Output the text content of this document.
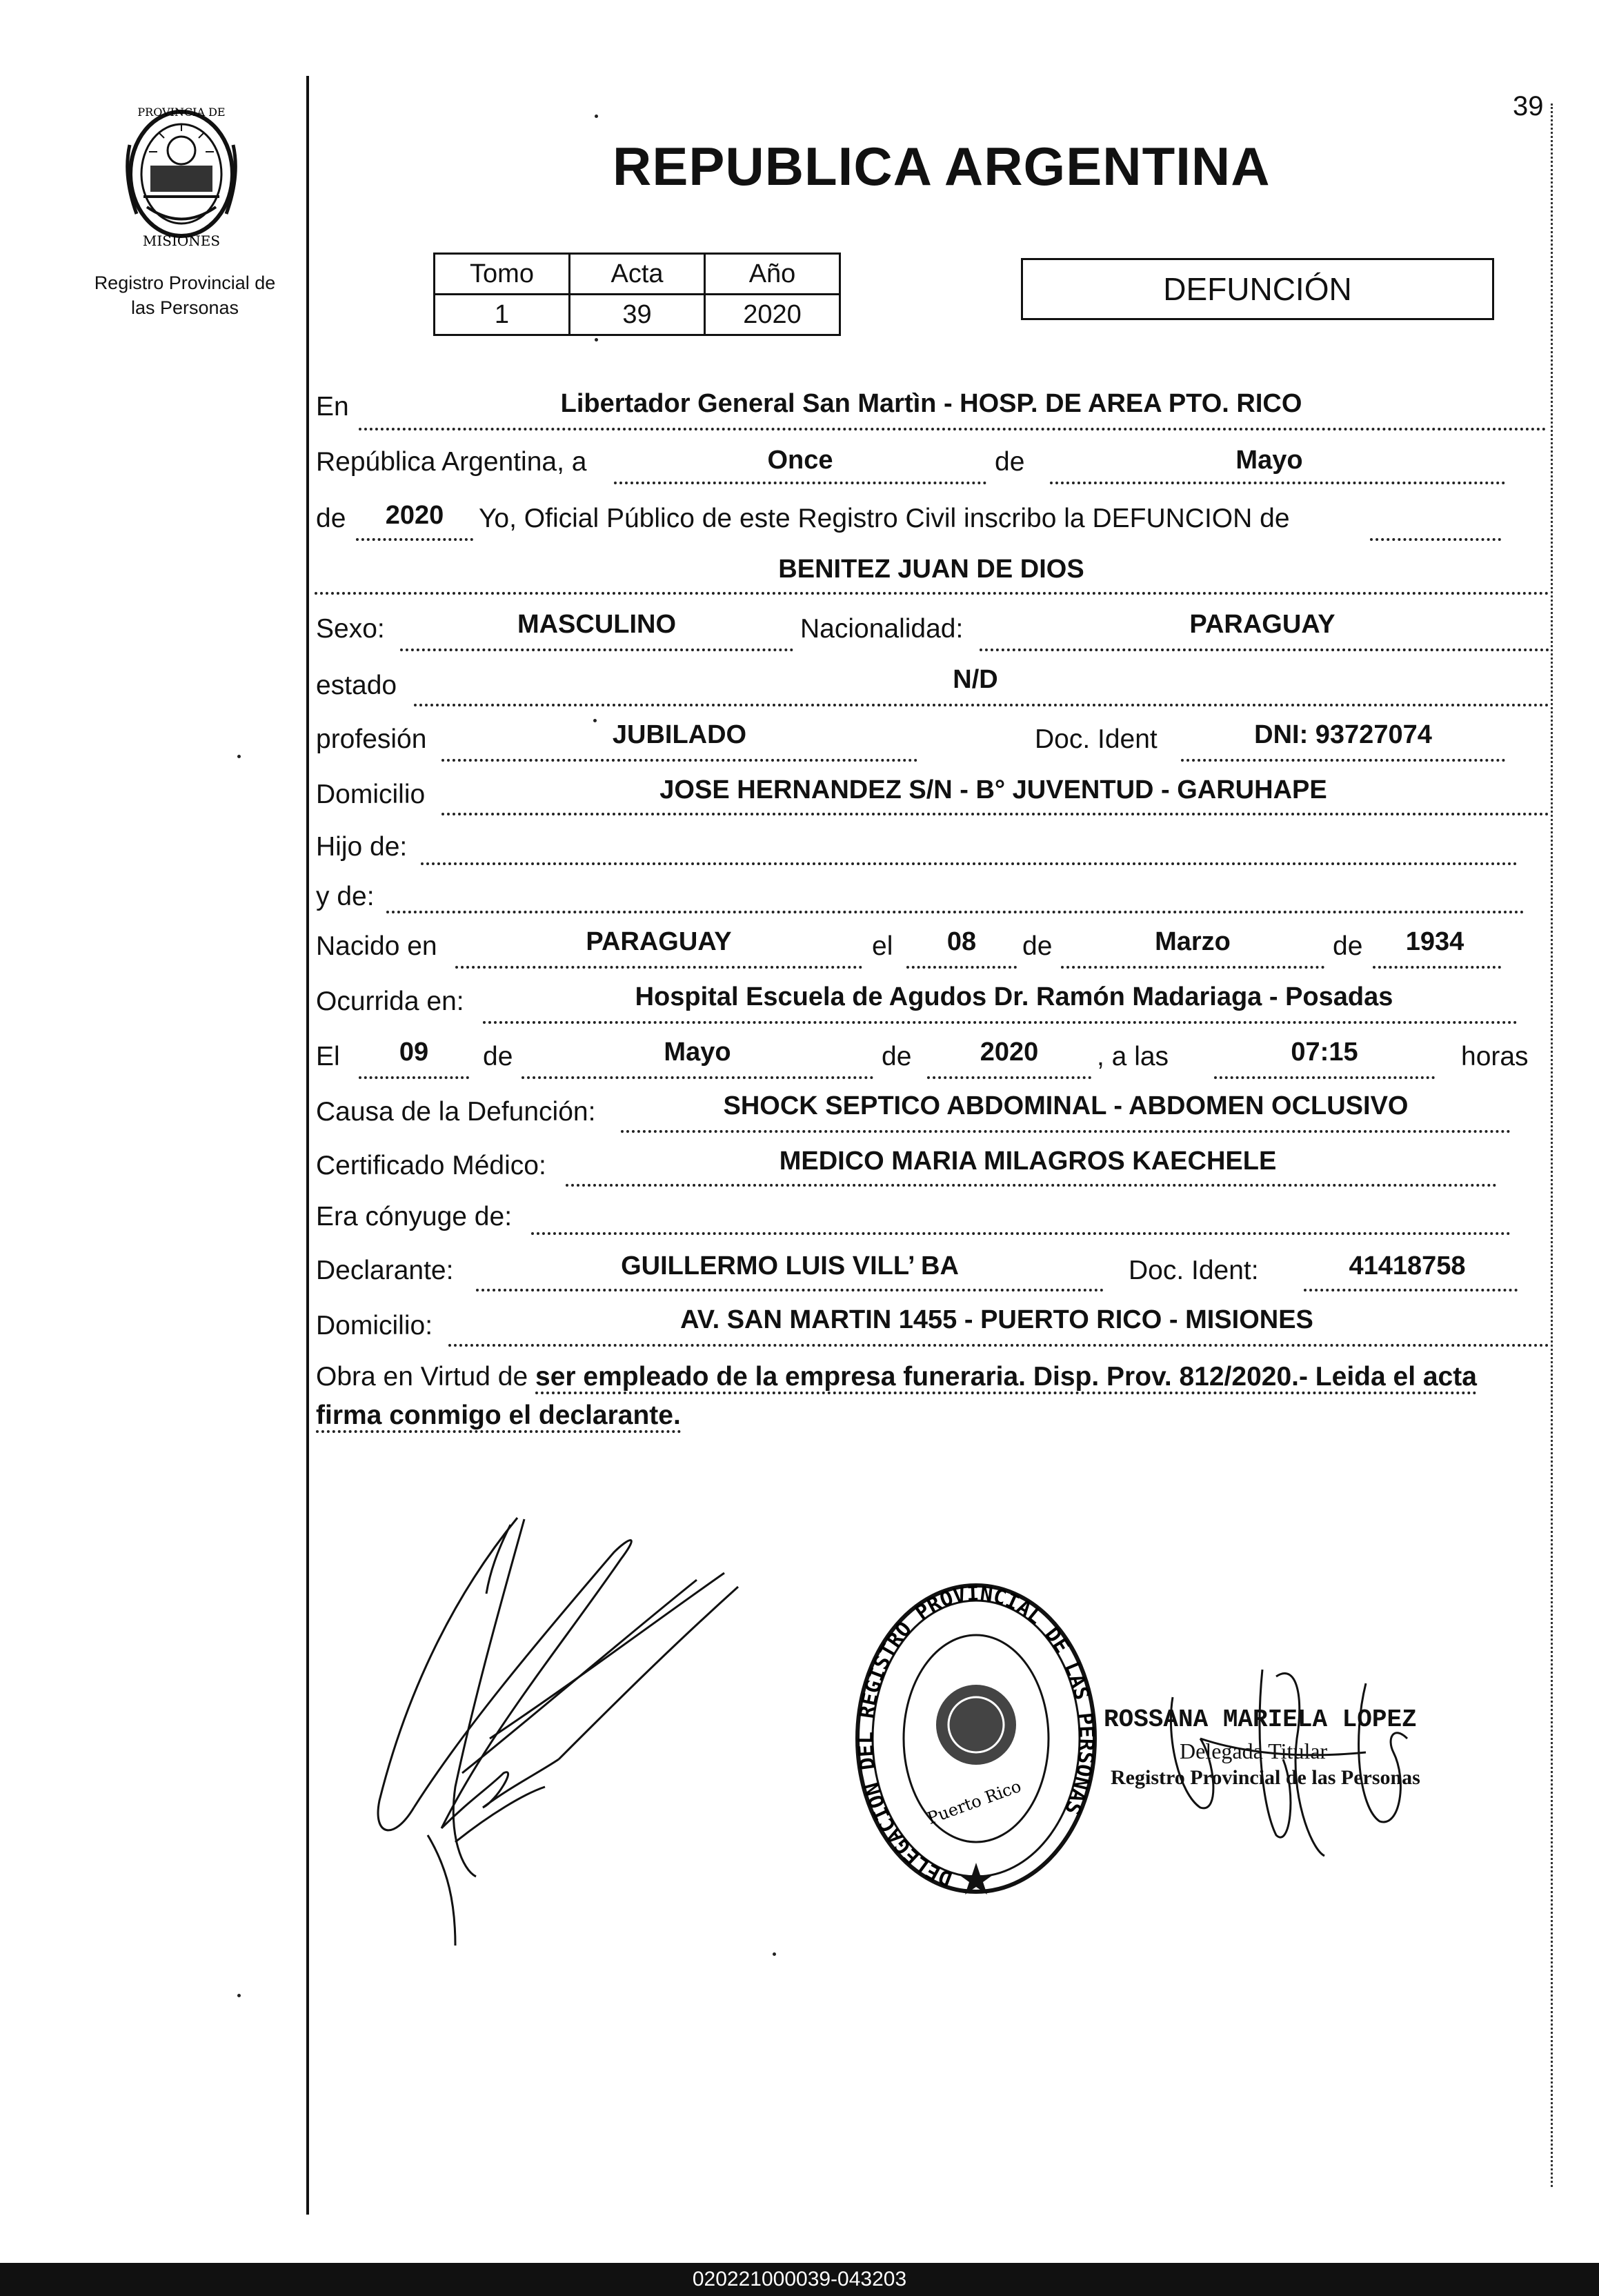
39
PROVINCIA DE
MISIONES
Registro Provincial de
las Personas
REPUBLICA ARGENTINA
Tomo	Acta	Año
1	39	2020
DEFUNCIÓN
En	Libertador General San Martìn - HOSP. DE AREA PTO. RICO
República Argentina, a	Once	de	Mayo
de	2020	Yo, Oficial Público de este Registro Civil inscribo la DEFUNCION de
BENITEZ JUAN DE DIOS
Sexo:	MASCULINO	Nacionalidad:	PARAGUAY
estado	N/D
profesión	JUBILADO	Doc. Ident	DNI: 93727074
Domicilio	JOSE HERNANDEZ S/N - B° JUVENTUD - GARUHAPE
Hijo de:
y de:
Nacido en	PARAGUAY	el	08	de	Marzo	de	1934
Ocurrida en:	Hospital Escuela de Agudos Dr. Ramón Madariaga - Posadas
El	09	de	Mayo	de	2020	, a las	07:15	horas
Causa de la Defunción:	SHOCK SEPTICO ABDOMINAL - ABDOMEN OCLUSIVO
Certificado Médico:	MEDICO MARIA MILAGROS KAECHELE
Era cónyuge de:
Declarante:	GUILLERMO LUIS VILL’ BA	Doc. Ident:	41418758
Domicilio:	AV. SAN MARTIN 1455 - PUERTO RICO - MISIONES
Obra en Virtud de ser empleado de la empresa funeraria. Disp. Prov. 812/2020.- Leida el acta firma conmigo el declarante.
DELEGACION DEL REGISTRO PROVINCIAL DE LAS PERSONAS
Puerto Rico
ROSSANA MARIELA LOPEZ
Delegada Titular
Registro Provincial de las Personas
020221000039-043203
